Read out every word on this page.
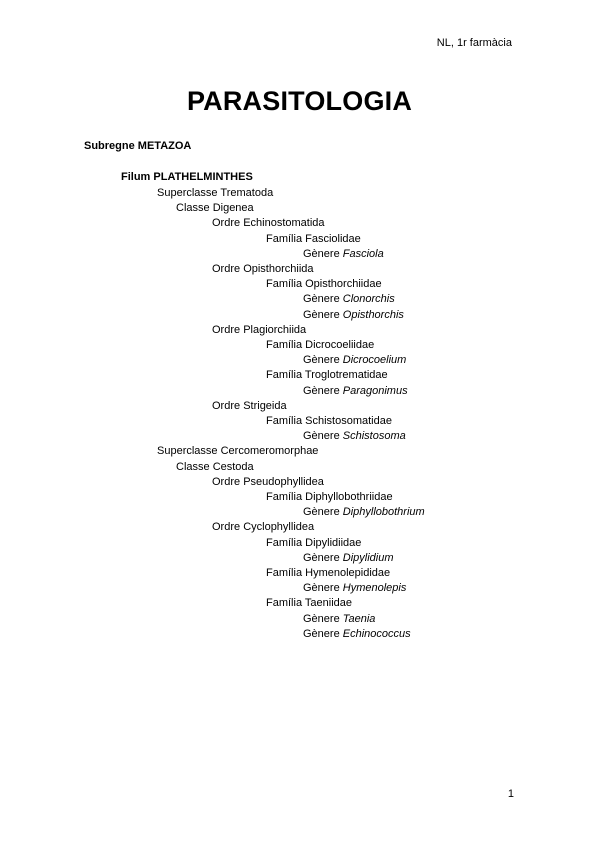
NL, 1r farmàcia
PARASITOLOGIA
Subregne METAZOA
Filum PLATHELMINTHES
Superclasse Trematoda
Classe Digenea
Ordre Echinostomatida
Família Fasciolidae
Gènere Fasciola
Ordre Opisthorchiida
Família Opisthorchiidae
Gènere Clonorchis
Gènere Opisthorchis
Ordre Plagiorchiida
Família Dicrocoeliidae
Gènere Dicrocoelium
Família Troglotrematidae
Gènere Paragonimus
Ordre Strigeida
Família Schistosomatidae
Gènere Schistosoma
Superclasse Cercomeromorphae
Classe Cestoda
Ordre Pseudophyllidea
Família Diphyllobothriidae
Gènere Diphyllobothrium
Ordre Cyclophyllidea
Família Dipylidiidae
Gènere Dipylidium
Família Hymenolepididae
Gènere Hymenolepis
Família Taeniidae
Gènere Taenia
Gènere Echinococcus
1
